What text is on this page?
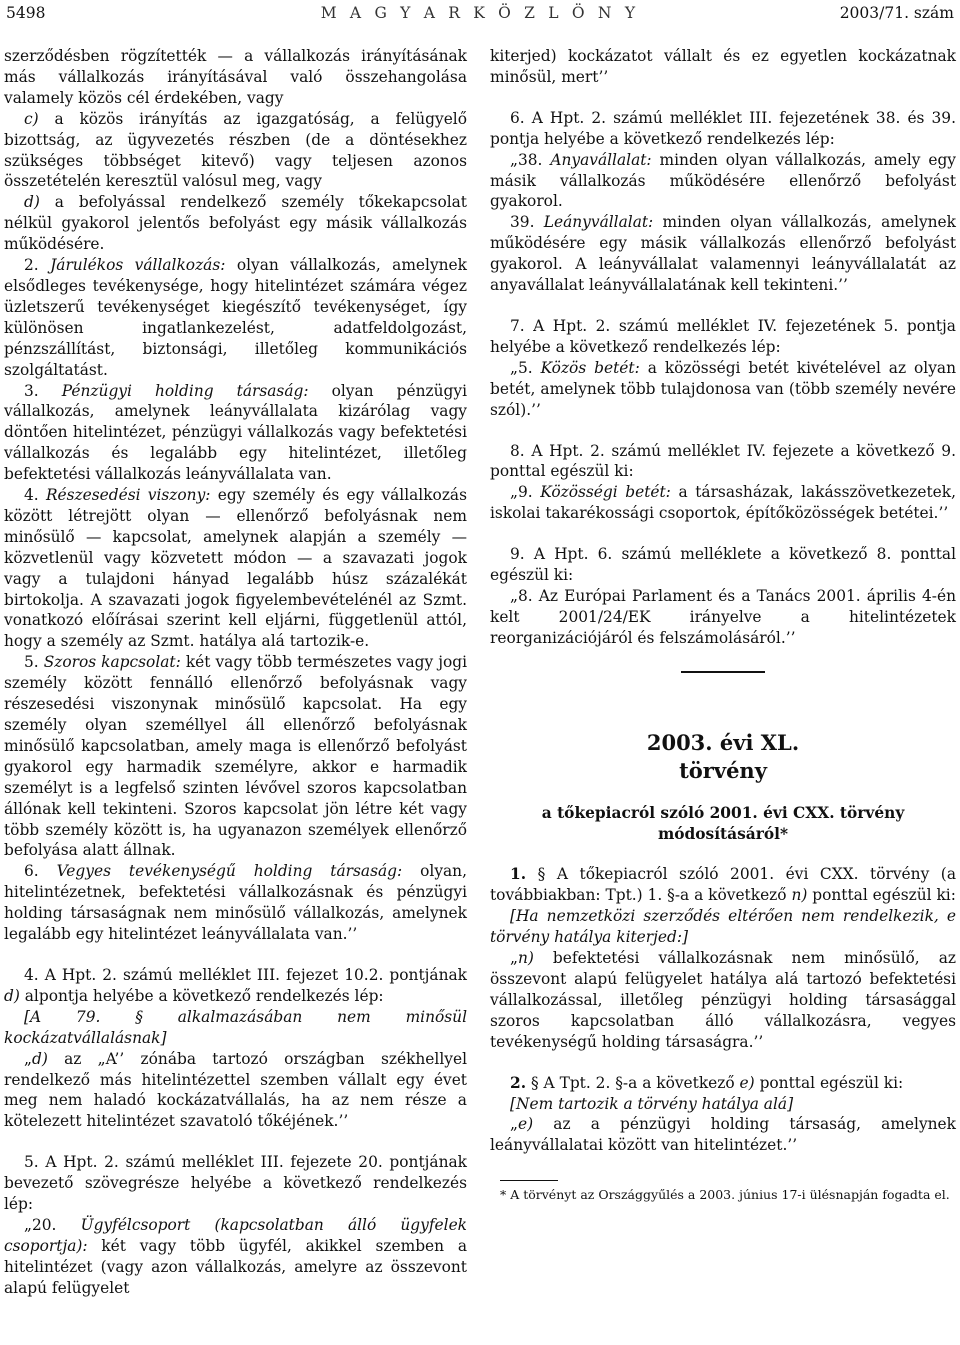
5498	M A G Y A R K Ö Z L Ö N Y	2003/71. szám

szerződésben rögzítették — a vállalkozás irányításának más vállalkozás irányításával való összehangolása valamely közös cél érdekében, vagy

c) a közös irányítás az igazgatóság, a felügyelő bizottság, az ügyvezetés részben (de a döntésekhez szükséges többséget kitevő) vagy teljesen azonos összetételén keresztül valósul meg, vagy

d) a befolyással rendelkező személy tőkekapcsolat nélkül gyakorol jelentős befolyást egy másik vállalkozás működésére.

2. Járulékos vállalkozás: olyan vállalkozás, amelynek elsődleges tevékenysége, hogy hitelintézet számára végez üzletszerű tevékenységet kiegészítő tevékenységet, így különösen ingatlankezelést, adatfeldolgozást, pénzszállítást, biztonsági, illetőleg kommunikációs szolgáltatást.

3. Pénzügyi holding társaság: olyan pénzügyi vállalkozás, amelynek leányvállalata kizárólag vagy döntően hitelintézet, pénzügyi vállalkozás vagy befektetési vállalkozás és legalább egy hitelintézet, illetőleg befektetési vállalkozás leányvállalata van.

4. Részesedési viszony: egy személy és egy vállalkozás között létrejött olyan — ellenőrző befolyásnak nem minősülő — kapcsolat, amelynek alapján a személy — közvetlenül vagy közvetett módon — a szavazati jogok vagy a tulajdoni hányad legalább húsz százalékát birtokolja. A szavazati jogok figyelembevételénél az Szmt. vonatkozó előírásai szerint kell eljárni, függetlenül attól, hogy a személy az Szmt. hatálya alá tartozik-e.

5. Szoros kapcsolat: két vagy több természetes vagy jogi személy között fennálló ellenőrző befolyásnak vagy részesedési viszonynak minősülő kapcsolat. Ha egy személy olyan személlyel áll ellenőrző befolyásnak minősülő kapcsolatban, amely maga is ellenőrző befolyást gyakorol egy harmadik személyre, akkor e harmadik személyt is a legfelső szinten lévővel szoros kapcsolatban állónak kell tekinteni. Szoros kapcsolat jön létre két vagy több személy között is, ha ugyanazon személyek ellenőrző befolyása alatt állnak.

6. Vegyes tevékenységű holding társaság: olyan, hitelintézetnek, befektetési vállalkozásnak és pénzügyi holding társaságnak nem minősülő vállalkozás, amelynek legalább egy hitelintézet leányvállalata van.’’

4. A Hpt. 2. számú melléklet III. fejezet 10.2. pontjának d) alpontja helyébe a következő rendelkezés lép:

[A 79. § alkalmazásában nem minősül kockázatvállalásnak]

„d) az „A’’ zónába tartozó országban székhellyel rendelkező más hitelintézettel szemben vállalt egy évet meg nem haladó kockázatvállalás, ha az nem része a kötelezett hitelintézet szavatoló tőkéjének.’’

5. A Hpt. 2. számú melléklet III. fejezete 20. pontjának bevezető szövegrésze helyébe a következő rendelkezés lép:

„20. Ügyfélcsoport (kapcsolatban álló ügyfelek csoportja): két vagy több ügyfél, akikkel szemben a hitelintézet (vagy azon vállalkozás, amelyre az összevont alapú felügyelet

kiterjed) kockázatot vállalt és ez egyetlen kockázatnak minősül, mert’’

6. A Hpt. 2. számú melléklet III. fejezetének 38. és 39. pontja helyébe a következő rendelkezés lép:

„38. Anyavállalat: minden olyan vállalkozás, amely egy másik vállalkozás működésére ellenőrző befolyást gyakorol.

39. Leányvállalat: minden olyan vállalkozás, amelynek működésére egy másik vállalkozás ellenőrző befolyást gyakorol. A leányvállalat valamennyi leányvállalatát az anyavállalat leányvállalatának kell tekinteni.’’

7. A Hpt. 2. számú melléklet IV. fejezetének 5. pontja helyébe a következő rendelkezés lép:

„5. Közös betét: a közösségi betét kivételével az olyan betét, amelynek több tulajdonosa van (több személy nevére szól).’’

8. A Hpt. 2. számú melléklet IV. fejezete a következő 9. ponttal egészül ki:

„9. Közösségi betét: a társasházak, lakásszövetkezetek, iskolai takarékossági csoportok, építőközösségek betétei.’’

9. A Hpt. 6. számú melléklete a következő 8. ponttal egészül ki:

„8. Az Európai Parlament és a Tanács 2001. április 4-én kelt 2001/24/EK irányelve a hitelintézetek reorganizációjáról és felszámolásáról.’’

2003. évi XL.
törvény
a tőkepiacról szóló 2001. évi CXX. törvény
módosításáról*

1. § A tőkepiacról szóló 2001. évi CXX. törvény (a továbbiakban: Tpt.) 1. §-a a következő n) ponttal egészül ki:

[Ha nemzetközi szerződés eltérően nem rendelkezik, e törvény hatálya kiterjed:]

„n) befektetési vállalkozásnak nem minősülő, az összevont alapú felügyelet hatálya alá tartozó befektetési vállalkozással, illetőleg pénzügyi holding társasággal szoros kapcsolatban álló vállalkozásra, vegyes tevékenységű holding társaságra.’’

2. § A Tpt. 2. §-a a következő e) ponttal egészül ki:

[Nem tartozik a törvény hatálya alá]

„e) az a pénzügyi holding társaság, amelynek leányvállalatai között van hitelintézet.’’

* A törvényt az Országgyűlés a 2003. június 17-i ülésnapján fogadta el.
